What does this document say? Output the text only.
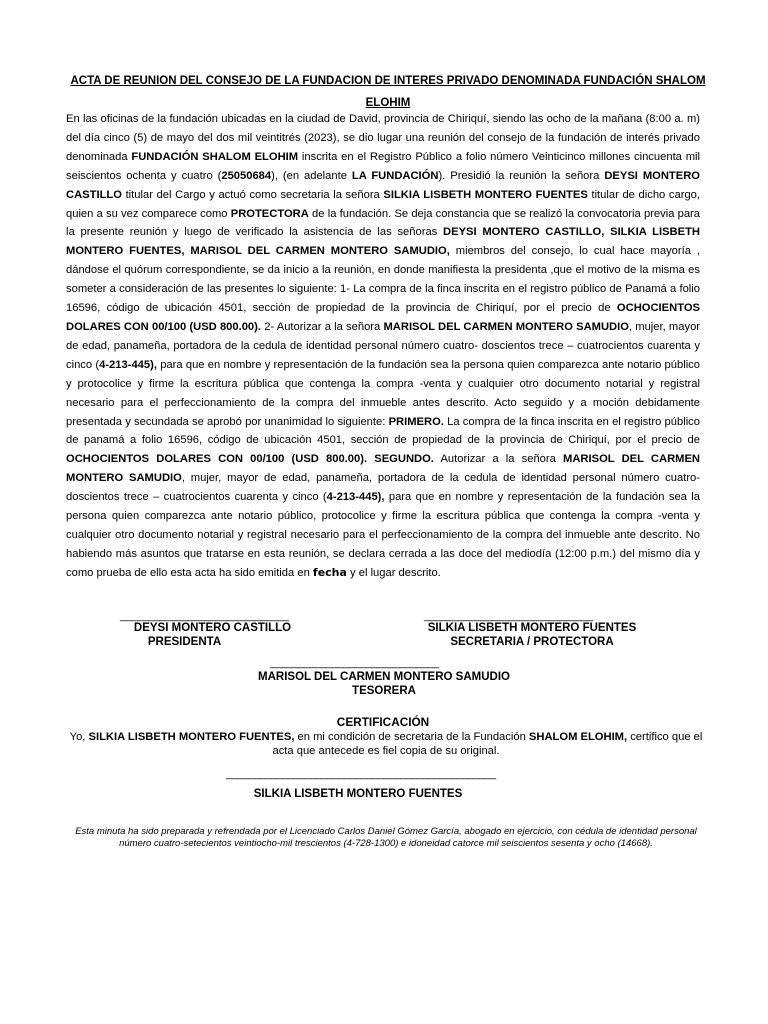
ACTA DE REUNION DEL CONSEJO DE LA FUNDACION DE INTERES PRIVADO DENOMINADA FUNDACIÓN SHALOM ELOHIM
En las oficinas de la fundación ubicadas en la ciudad de David, provincia de Chiriquí, siendo las ocho de la mañana (8:00 a. m) del día cinco (5) de mayo del dos mil veintitrés (2023), se dio lugar una reunión del consejo de la fundación de interés privado denominada FUNDACIÓN SHALOM ELOHIM inscrita en el Registro Público a folio número Veinticinco millones cincuenta mil seiscientos ochenta y cuatro (25050684), (en adelante LA FUNDACIÓN). Presidió la reunión la señora DEYSI MONTERO CASTILLO titular del Cargo y actuó como secretaria la señora SILKIA LISBETH MONTERO FUENTES titular de dicho cargo, quien a su vez comparece como PROTECTORA de la fundación. Se deja constancia que se realizó la convocatoria previa para la presente reunión y luego de verificado la asistencia de las señoras DEYSI MONTERO CASTILLO, SILKIA LISBETH MONTERO FUENTES, MARISOL DEL CARMEN MONTERO SAMUDIO, miembros del consejo, lo cual hace mayoría , dándose el quórum correspondiente, se da inicio a la reunión, en donde manifiesta la presidenta ,que el motivo de la misma es someter a consideración de las presentes lo siguiente: 1- La compra de la finca inscrita en el registro público de Panamá a folio 16596, código de ubicación 4501, sección de propiedad de la provincia de Chiriquí, por el precio de OCHOCIENTOS DOLARES CON 00/100 (USD 800.00). 2- Autorizar a la señora MARISOL DEL CARMEN MONTERO SAMUDIO, mujer, mayor de edad, panameña, portadora de la cedula de identidad personal número cuatro- doscientos trece – cuatrocientos cuarenta y cinco (4-213-445), para que en nombre y representación de la fundación sea la persona quien comparezca ante notario público y protocolice y firme la escritura pública que contenga la compra -venta y cualquier otro documento notarial y registral necesario para el perfeccionamiento de la compra del inmueble antes descrito. Acto seguido y a moción debidamente presentada y secundada se aprobó por unanimidad lo siguiente: PRIMERO. La compra de la finca inscrita en el registro público de panamá a folio 16596, código de ubicación 4501, sección de propiedad de la provincia de Chiriquí, por el precio de OCHOCIENTOS DOLARES CON 00/100 (USD 800.00). SEGUNDO. Autorizar a la señora MARISOL DEL CARMEN MONTERO SAMUDIO, mujer, mayor de edad, panameña, portadora de la cedula de identidad personal número cuatro- doscientos trece – cuatrocientos cuarenta y cinco (4-213-445), para que en nombre y representación de la fundación sea la persona quien comparezca ante notario público, protocolice y firme la escritura pública que contenga la compra -venta y cualquier otro documento notarial y registral necesario para el perfeccionamiento de la compra del inmueble ante descrito. No habiendo más asuntos que tratarse en esta reunión, se declara cerrada a las doce del mediodía (12:00 p.m.) del mismo día y como prueba de ello esta acta ha sido emitida en fecha y el lugar descrito.
______________________________
DEYSI MONTERO CASTILLO
PRESIDENTA
______________________________
SILKIA LISBETH MONTERO FUENTES
SECRETARIA / PROTECTORA
______________________________
MARISOL DEL CARMEN MONTERO SAMUDIO
TESORERA
CERTIFICACIÓN
Yo, SILKIA LISBETH MONTERO FUENTES, en mi condición de secretaria de la Fundación SHALOM ELOHIM, certifico que el acta que antecede es fiel copia de su original.
________________________________________________
SILKIA LISBETH MONTERO FUENTES
Esta minuta ha sido preparada y refrendada por el Licenciado Carlos Daniel Gómez García, abogado en ejercicio, con cédula de identidad personal número cuatro-setecientos veintiocho-mil trescientos (4-728-1300) e idoneidad catorce mil seiscientos sesenta y ocho (14668).
